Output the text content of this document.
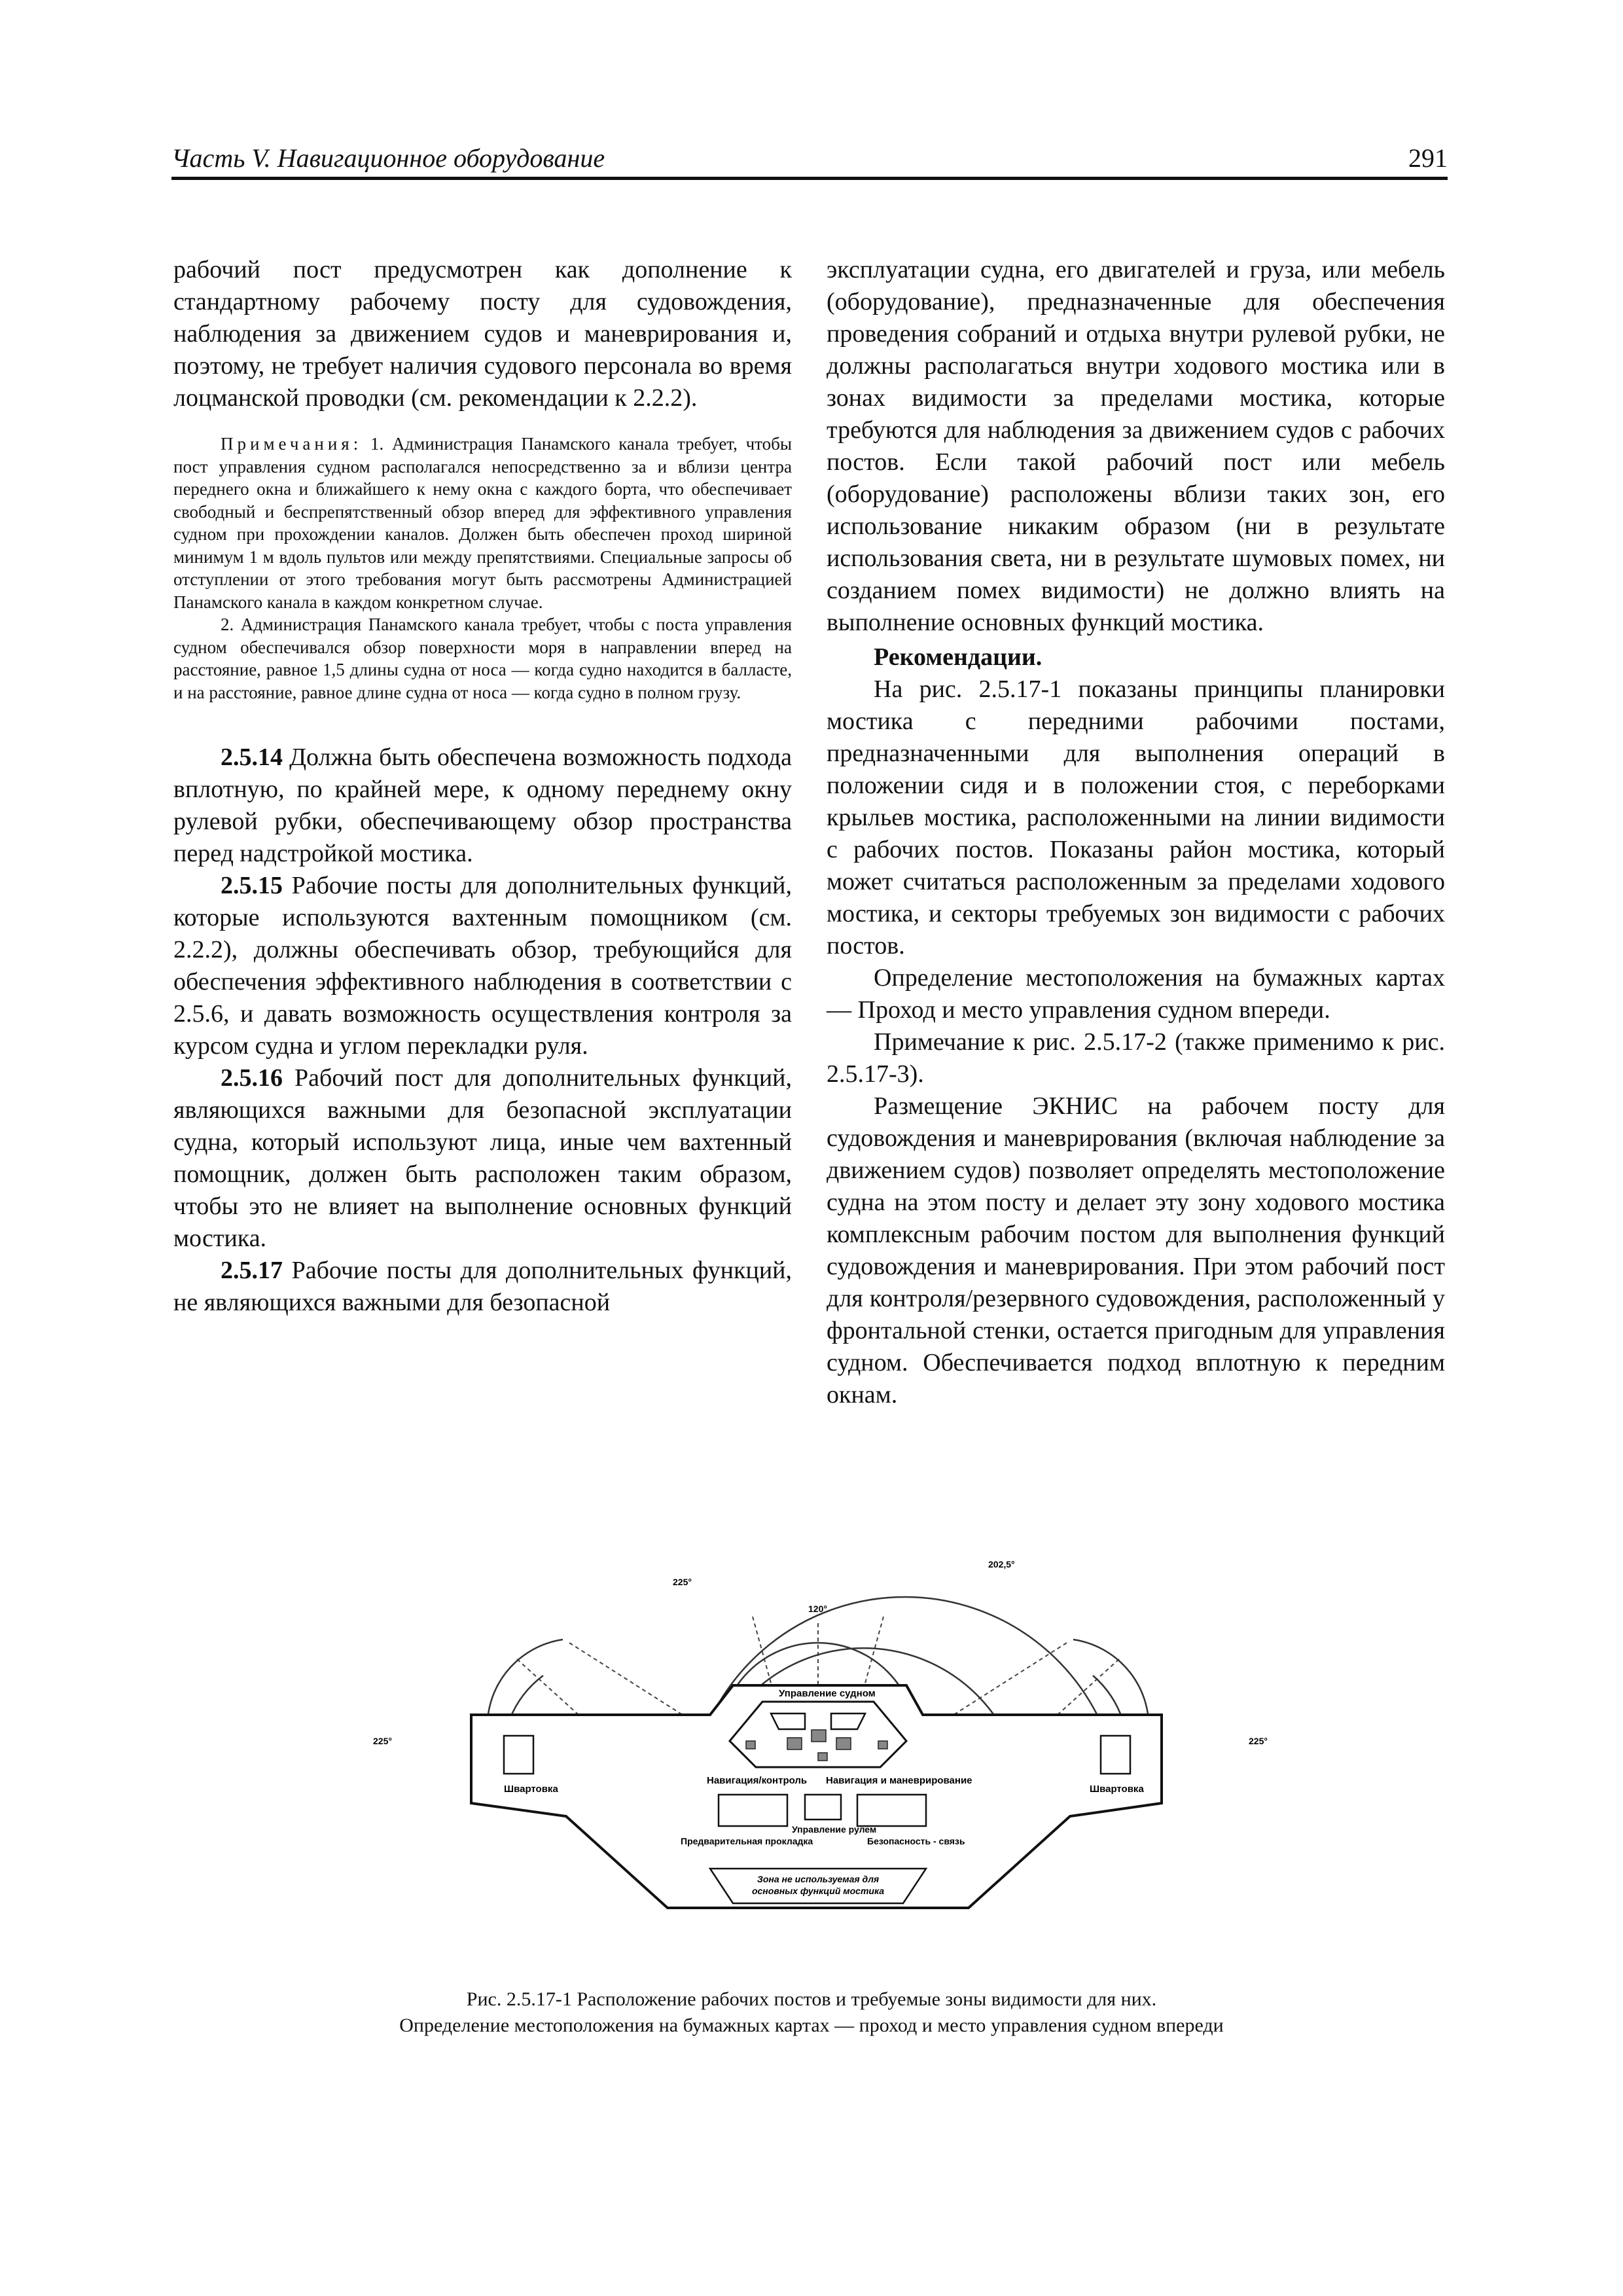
Часть V. Навигационное оборудование	291

рабочий пост предусмотрен как дополнение к стандартному рабочему посту для судовождения, наблюдения за движением судов и маневрирования и, поэтому, не требует наличия судового персонала во время лоцманской проводки (см. рекомендации к 2.2.2).

Примечания: 1. Администрация Панамского канала требует, чтобы пост управления судном располагался непосредственно за и вблизи центра переднего окна и ближайшего к нему окна с каждого борта, что обеспечивает свободный и беспрепятственный обзор вперед для эффективного управления судном при прохождении каналов. Должен быть обеспечен проход шириной минимум 1 м вдоль пультов или между препятствиями. Специальные запросы об отступлении от этого требования могут быть рассмотрены Администрацией Панамского канала в каждом конкретном случае.

2. Администрация Панамского канала требует, чтобы с поста управления судном обеспечивался обзор поверхности моря в направлении вперед на расстояние, равное 1,5 длины судна от носа — когда судно находится в балласте, и на расстояние, равное длине судна от носа — когда судно в полном грузу.

2.5.14 Должна быть обеспечена возможность подхода вплотную, по крайней мере, к одному переднему окну рулевой рубки, обеспечивающему обзор пространства перед надстройкой мостика.

2.5.15 Рабочие посты для дополнительных функций, которые используются вахтенным помощником (см. 2.2.2), должны обеспечивать обзор, требующийся для обеспечения эффективного наблюдения в соответствии с 2.5.6, и давать возможность осуществления контроля за курсом судна и углом перекладки руля.

2.5.16 Рабочий пост для дополнительных функций, являющихся важными для безопасной эксплуатации судна, который используют лица, иные чем вахтенный помощник, должен быть расположен таким образом, чтобы это не влияет на выполнение основных функций мостика.

2.5.17 Рабочие посты для дополнительных функций, не являющихся важными для безопасной

эксплуатации судна, его двигателей и груза, или мебель (оборудование), предназначенные для обеспечения проведения собраний и отдыха внутри рулевой рубки, не должны располагаться внутри ходового мостика или в зонах видимости за пределами мостика, которые требуются для наблюдения за движением судов с рабочих постов. Если такой рабочий пост или мебель (оборудование) расположены вблизи таких зон, его использование никаким образом (ни в результате использования света, ни в результате шумовых помех, ни созданием помех видимости) не должно влиять на выполнение основных функций мостика.

Рекомендации.

На рис. 2.5.17-1 показаны принципы планировки мостика с передними рабочими постами, предназначенными для выполнения операций в положении сидя и в положении стоя, с переборками крыльев мостика, расположенными на линии видимости с рабочих постов. Показаны район мостика, который может считаться расположенным за пределами ходового мостика, и секторы требуемых зон видимости с рабочих постов.

Определение местоположения на бумажных картах — Проход и место управления судном впереди.

Примечание к рис. 2.5.17-2 (также применимо к рис. 2.5.17-3).

Размещение ЭКНИС на рабочем посту для судовождения и маневрирования (включая наблюдение за движением судов) позволяет определять местоположение судна на этом посту и делает эту зону ходового мостика комплексным рабочим постом для выполнения функций судовождения и маневрирования. При этом рабочий пост для контроля/резервного судовождения, расположенный у фронтальной стенки, остается пригодным для управления судном. Обеспечивается подход вплотную к передним окнам.

225°
202,5°
120°
225°	225°
Управление судном
Навигация/контроль Навигация и маневрирование
Швартовка	Швартовка
Управление рулем
Предварительная прокладка	Безопасность - связь
Зона не используемая для
основных функций мостика
Рис. 2.5.17-1 Расположение рабочих постов и требуемые зоны видимости для них.
Определение местоположения на бумажных картах — проход и место управления судном впереди
